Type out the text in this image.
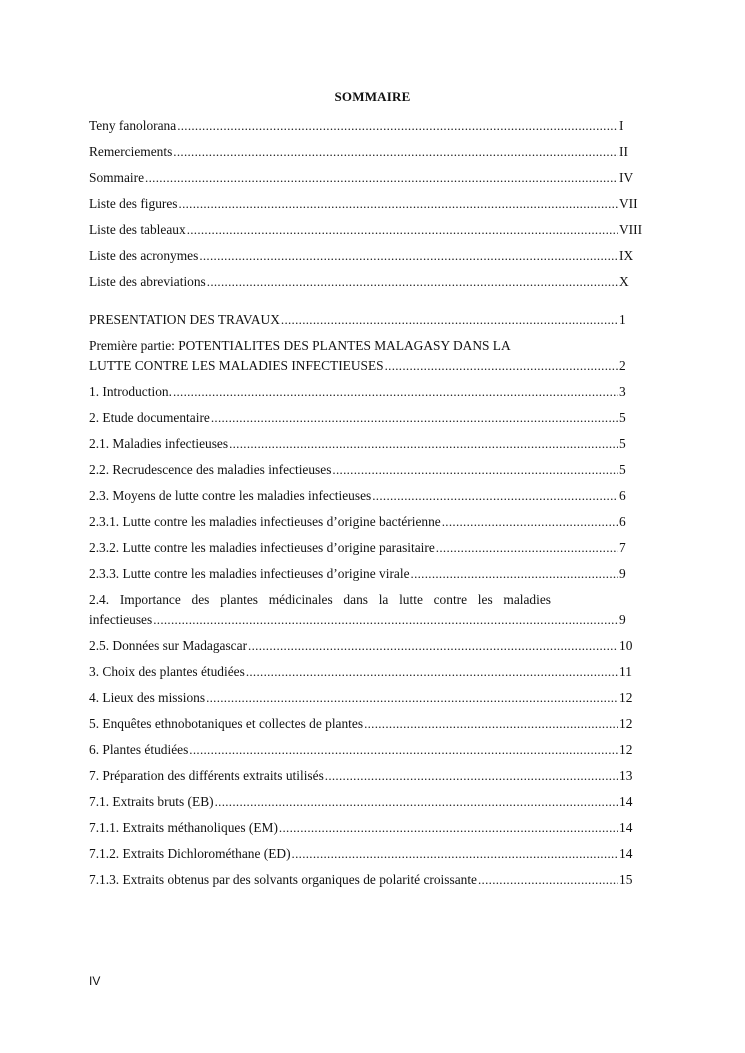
SOMMAIRE
Teny fanolorana .....	I
Remerciements .....	II
Sommaire .....	IV
Liste des figures .....	VII
Liste des tableaux .....	VIII
Liste des acronymes .....	IX
Liste des abreviations .....	X
PRESENTATION DES TRAVAUX .....	1
Première partie: POTENTIALITES DES PLANTES MALAGASY DANS LA
LUTTE CONTRE LES MALADIES INFECTIEUSES .....	2
1. Introduction. .....	3
2. Etude documentaire .....	5
2.1. Maladies infectieuses .....	5
2.2. Recrudescence des maladies infectieuses .....	5
2.3. Moyens de lutte contre les maladies infectieuses .....	6
2.3.1. Lutte contre les maladies infectieuses d’origine bactérienne .....	6
2.3.2. Lutte contre les maladies infectieuses d’origine parasitaire .....	7
2.3.3. Lutte contre les maladies infectieuses d’origine virale .....	9
2.4. Importance des plantes médicinales dans la lutte contre les maladies
infectieuses .....	9
2.5. Données sur Madagascar .....	10
3. Choix des plantes étudiées .....	11
4. Lieux des missions .....	12
5. Enquêtes ethnobotaniques et collectes de plantes .....	12
6. Plantes étudiées .....	12
7. Préparation des différents extraits utilisés .....	13
7.1. Extraits bruts (EB) .....	14
7.1.1. Extraits méthanoliques (EM) .....	14
7.1.2. Extraits Dichlorométhane (ED) .....	14
7.1.3. Extraits obtenus par des solvants organiques de polarité croissante .....	15
IV
